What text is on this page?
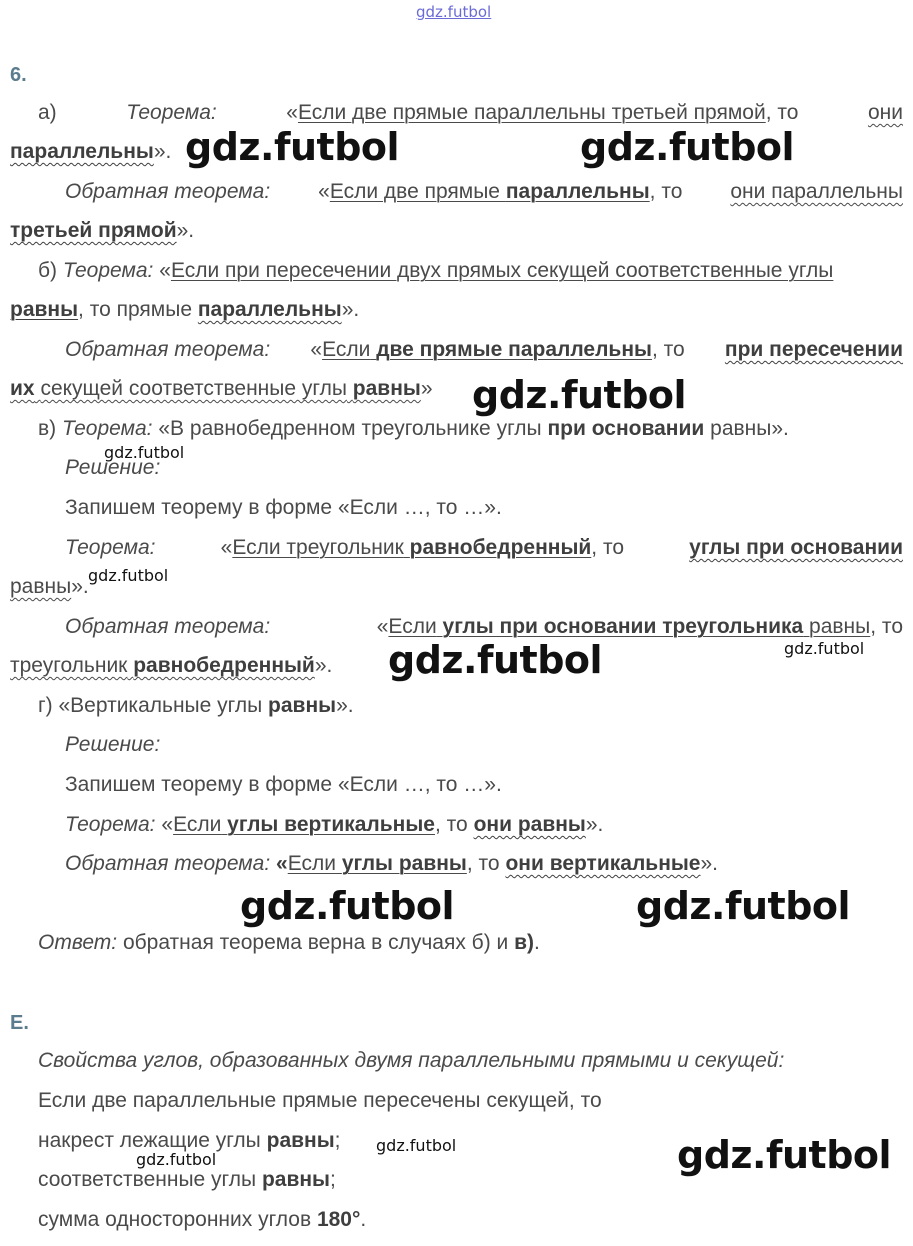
gdz.futbol
6.
а)	Теорема:	«Если две прямые параллельны третьей прямой, то	они
параллельны».
Обратная теорема: «Если две прямые параллельны, то они параллельны
третьей прямой».
б) Теорема: «Если при пересечении двух прямых секущей соответственные углы
равны, то прямые параллельны».
Обратная теорема: «Если две прямые параллельны, то при пересечении
их секущей соответственные углы равны»
в) Теорема: «В равнобедренном треугольнике углы при основании равны».
Решение:
Запишем теорему в форме «Если …, то …».
Теорема:	«Если треугольник равнобедренный, то	углы при основании
равны».
Обратная теорема:	«Если углы при основании треугольника равны, то
треугольник равнобедренный».
г) «Вертикальные углы равны».
Решение:
Запишем теорему в форме «Если …, то …».
Теорема: «Если углы вертикальные, то они равны».
Обратная теорема: «Если углы равны, то они вертикальные».
Ответ: обратная теорема верна в случаях б) и в).
Е.
Свойства углов, образованных двумя параллельными прямыми и секущей:
Если две параллельные прямые пересечены секущей, то
накрест лежащие углы равны;
соответственные углы равны;
сумма односторонних углов 180°.
gdz.futbol	gdz.futbol
gdz.futbol
gdz.futbol
gdz.futbol
gdz.futbol	gdz.futbol
gdz.futbol	gdz.futbol
gdz.futbol
gdz.futbol	gdz.futbol
